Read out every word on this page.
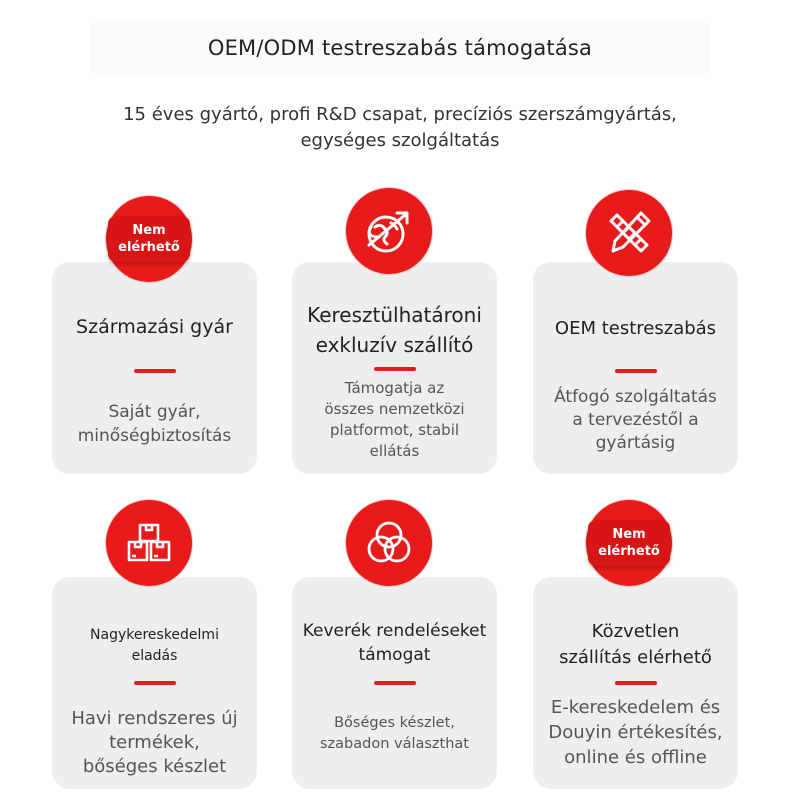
OEM/ODM testreszabás támogatása
15 éves gyártó, profi R&D csapat, precíziós szerszámgyártás,
egységes szolgáltatás
Származási gyár
Saját gyár,
minőségbiztosítás
Nem
elérhető
Keresztülhatároni
exkluzív szállító
Támogatja az
összes nemzetközi
platformot, stabil
ellátás
OEM testreszabás
Átfogó szolgáltatás
a tervezéstől a
gyártásig
Nagykereskedelmi
eladás
Havi rendszeres új
termékek,
bőséges készlet
Keverék rendeléseket
támogat
Bőséges készlet,
szabadon választhat
Közvetlen
szállítás elérhető
E-kereskedelem és
Douyin értékesítés,
online és offline
Nem
elérhető
